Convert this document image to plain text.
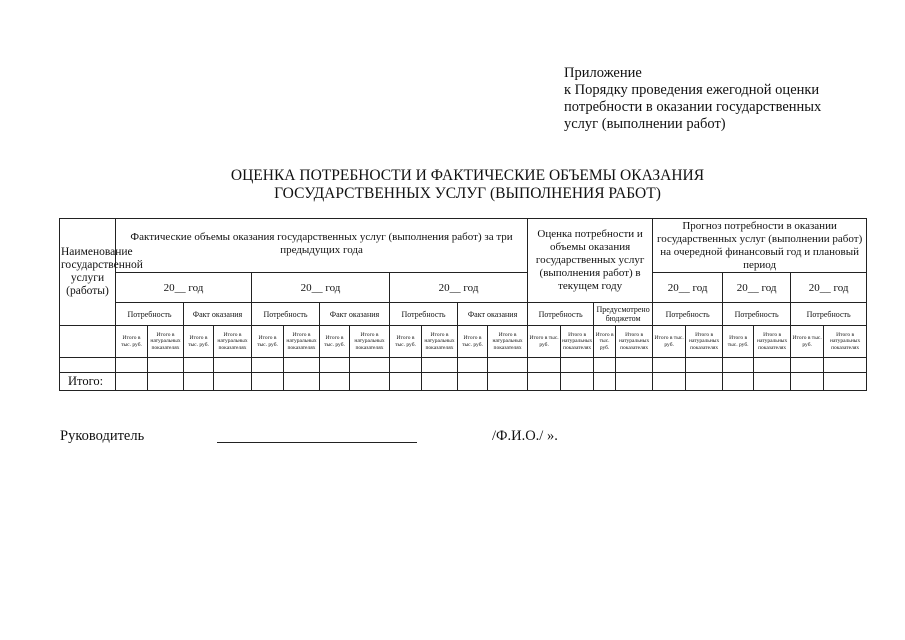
Приложение
к Порядку проведения ежегодной оценки
потребности в оказании государственных
услуг (выполнении работ)
ОЦЕНКА ПОТРЕБНОСТИ И ФАКТИЧЕСКИЕ ОБЪЕМЫ ОКАЗАНИЯ
ГОСУДАРСТВЕННЫХ УСЛУГ (ВЫПОЛНЕНИЯ РАБОТ)
Наименование государственной услуги (работы)	Фактические объемы оказания государственных услуг (выполнения работ) за три предыдущих года												Оценка потребности и объемы оказания государственных услуг (выполнения работ) в текущем году				Прогноз потребности в оказании государственных услуг (выполнении работ) на очередной финансовый год и плановый период					
	20__ год				20__ год				20__ год								20__ год		20__ год		20__ год	
	Потребность		Факт оказания		Потребность		Факт оказания		Потребность		Факт оказания		Потребность		Предусмотрено бюджетом		Потребность		Потребность		Потребность	
	Итого в тыс. руб.	Итого в натуральных показателях	Итого в тыс. руб.	Итого в натуральных показателях	Итого в тыс. руб.	Итого в натуральных показателях	Итого в тыс. руб.	Итого в натуральных показателях	Итого в тыс. руб.	Итого в натуральных показателях	Итого в тыс. руб.	Итого в натуральных показателях	Итого в тыс. руб.	Итого в натуральных показателях	Итого в тыс. руб.	Итого в натуральных показателях	Итого в тыс. руб.	Итого в натуральных показателях	Итого в тыс. руб.	Итого в натуральных показателях	Итого в тыс. руб.	Итого в натуральных показателях

Итого:																						
Руководитель	/Ф.И.О./ ».
